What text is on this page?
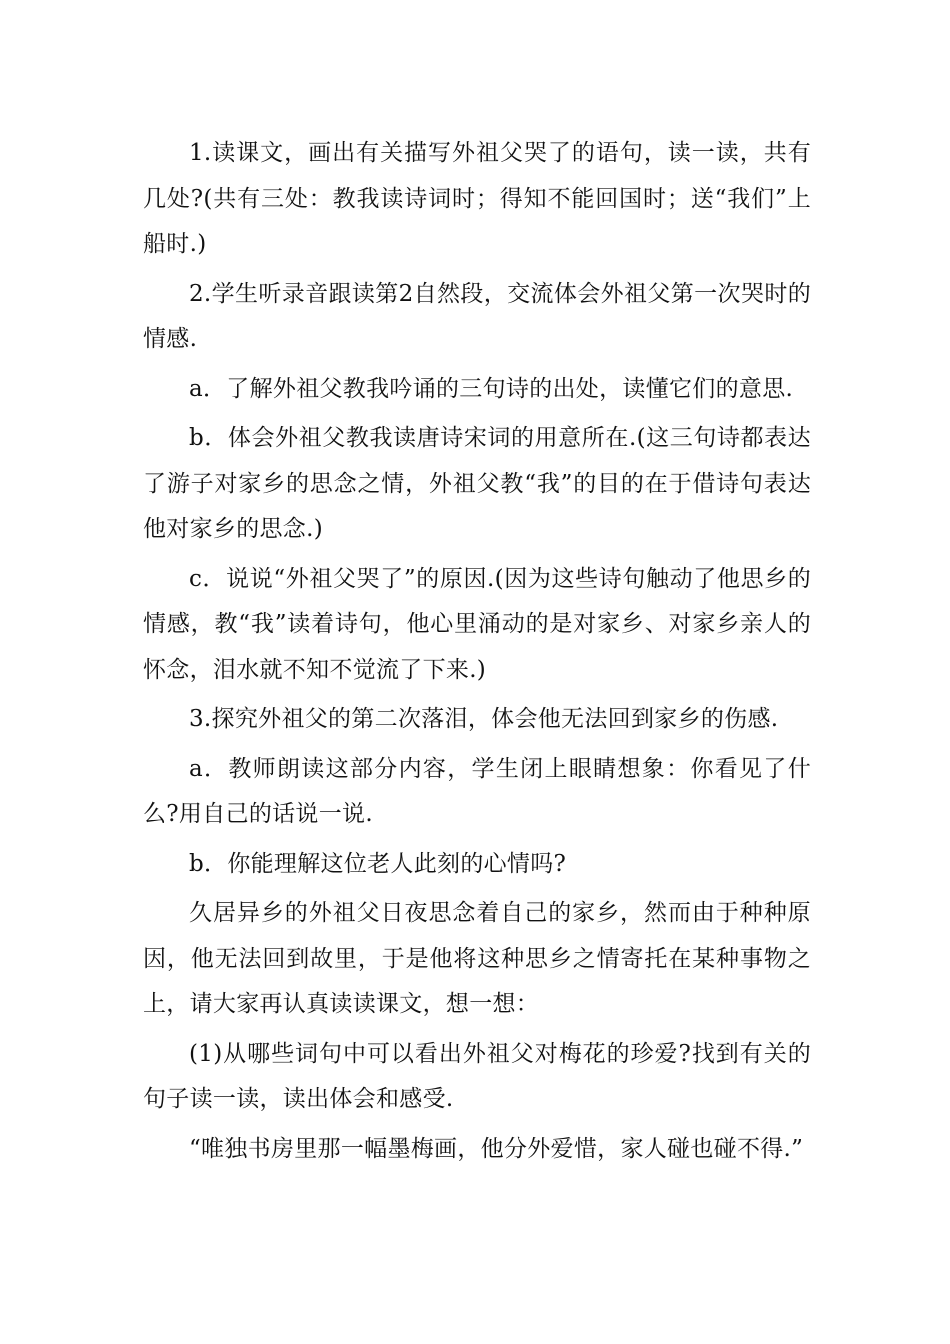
1.读课文，画出有关描写外祖父哭了的语句，读一读，共有几处?(共有三处：教我读诗词时；得知不能回国时；送“我们”上船时.)

2.学生听录音跟读第2自然段，交流体会外祖父第一次哭时的情感.

a．了解外祖父教我吟诵的三句诗的出处，读懂它们的意思.

b．体会外祖父教我读唐诗宋词的用意所在.(这三句诗都表达了游子对家乡的思念之情，外祖父教“我”的目的在于借诗句表达他对家乡的思念.)

c．说说“外祖父哭了”的原因.(因为这些诗句触动了他思乡的情感，教“我”读着诗句，他心里涌动的是对家乡、对家乡亲人的怀念，泪水就不知不觉流了下来.)

3.探究外祖父的第二次落泪，体会他无法回到家乡的伤感.

a．教师朗读这部分内容，学生闭上眼睛想象：你看见了什么?用自己的话说一说.

b．你能理解这位老人此刻的心情吗?

久居异乡的外祖父日夜思念着自己的家乡，然而由于种种原因，他无法回到故里，于是他将这种思乡之情寄托在某种事物之上，请大家再认真读读课文，想一想：

(1)从哪些词句中可以看出外祖父对梅花的珍爱?找到有关的句子读一读，读出体会和感受.

“唯独书房里那一幅墨梅画，他分外爱惜，家人碰也碰不得.”
